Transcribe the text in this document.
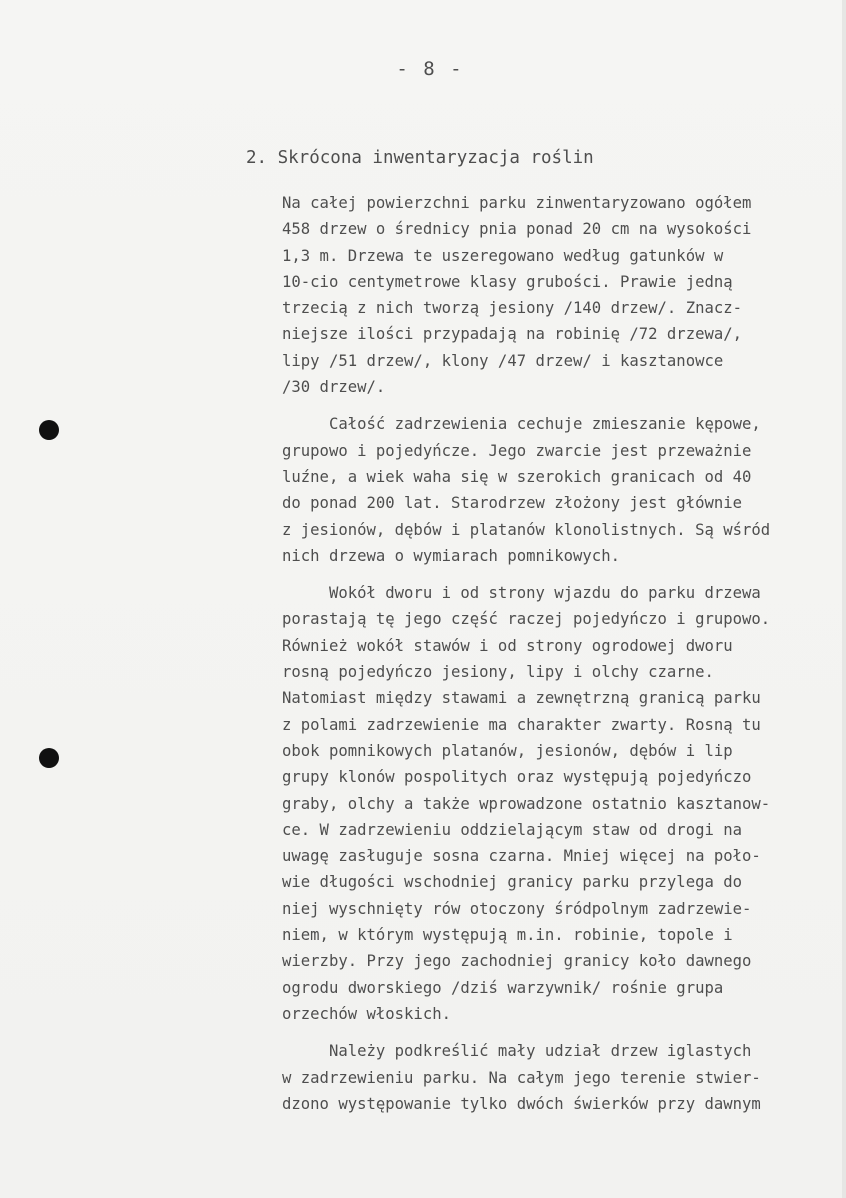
- 8 -
2. Skrócona inwentaryzacja roślin
Na całej powierzchni parku zinwentaryzowano ogółem
458 drzew o średnicy pnia ponad 20 cm na wysokości
1,3 m. Drzewa te uszeregowano według gatunków w
10-cio centymetrowe klasy grubości. Prawie jedną
trzecią z nich tworzą jesiony /140 drzew/. Znacz-
niejsze ilości przypadają na robinię /72 drzewa/,
lipy /51 drzew/, klony /47 drzew/ i kasztanowce
/30 drzew/.
Całość zadrzewienia cechuje zmieszanie kępowe,
grupowo i pojedyńcze. Jego zwarcie jest przeważnie
luźne, a wiek waha się w szerokich granicach od 40
do ponad 200 lat. Starodrzew złożony jest głównie
z jesionów, dębów i platanów klonolistnych. Są wśród
nich drzewa o wymiarach pomnikowych.
Wokół dworu i od strony wjazdu do parku drzewa
porastają tę jego część raczej pojedyńczo i grupowo.
Również wokół stawów i od strony ogrodowej dworu
rosną pojedyńczo jesiony, lipy i olchy czarne.
Natomiast między stawami a zewnętrzną granicą parku
z polami zadrzewienie ma charakter zwarty. Rosną tu
obok pomnikowych platanów, jesionów, dębów i lip
grupy klonów pospolitych oraz występują pojedyńczo
graby, olchy a także wprowadzone ostatnio kasztanow-
ce. W zadrzewieniu oddzielającym staw od drogi na
uwagę zasługuje sosna czarna. Mniej więcej na poło-
wie długości wschodniej granicy parku przylega do
niej wyschnięty rów otoczony śródpolnym zadrzewie-
niem, w którym występują m.in. robinie, topole i
wierzby. Przy jego zachodniej granicy koło dawnego
ogrodu dworskiego /dziś warzywnik/ rośnie grupa
orzechów włoskich.
Należy podkreślić mały udział drzew iglastych
w zadrzewieniu parku. Na całym jego terenie stwier-
dzono występowanie tylko dwóch świerków przy dawnym
